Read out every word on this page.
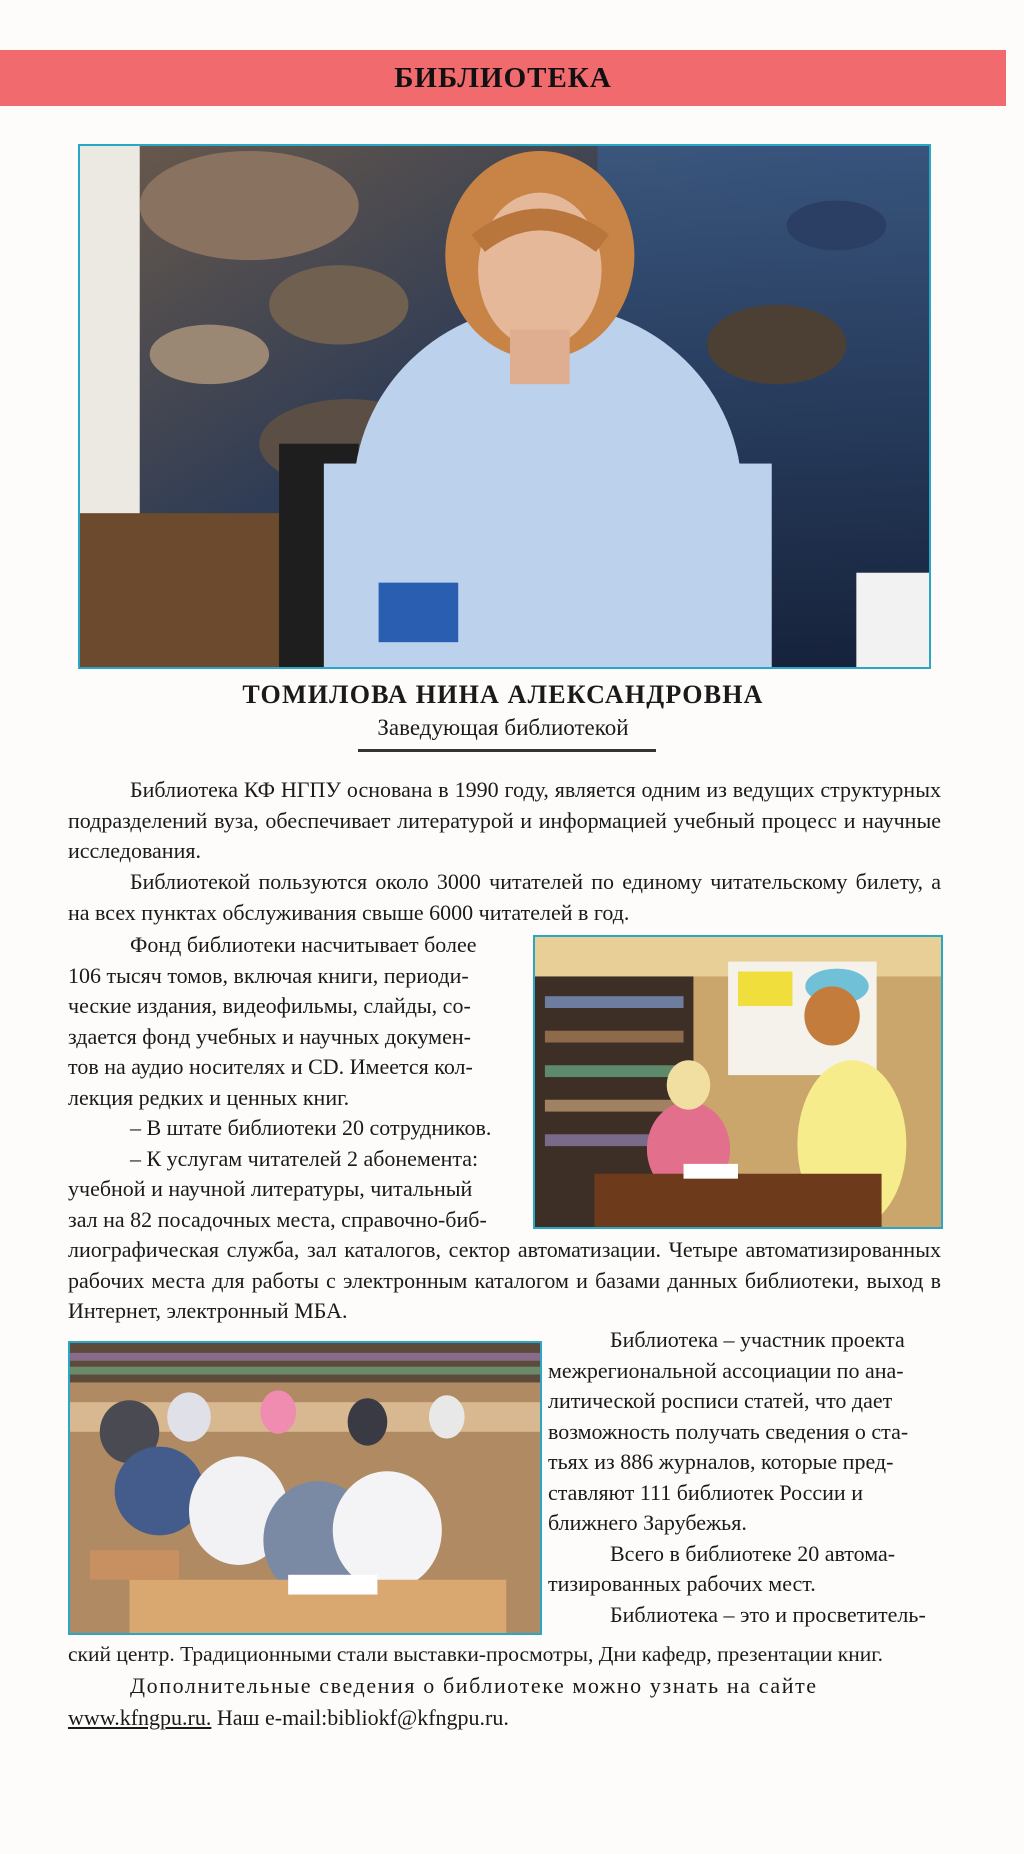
БИБЛИОТЕКА
ТОМИЛОВА НИНА АЛЕКСАНДРОВНА
Заведующая библиотекой

Библиотека КФ НГПУ основана в 1990 году, является одним из ведущих структурных подразделений вуза, обеспечивает литературой и информацией учебный процесс и научные исследования.

Библиотекой пользуются около 3000 читателей по единому читательскому билету, а на всех пунктах обслуживания свыше 6000 читателей в год.

Фонд библиотеки насчитывает более
106 тысяч томов, включая книги, периоди-
ческие издания, видеофильмы, слайды, со-
здается фонд учебных и научных докумен-
тов на аудио носителях и CD. Имеется кол-
лекция редких и ценных книг.
– В штате библиотеки 20 сотрудников.
– К услугам читателей 2 абонемента:
учебной и научной литературы, читальный
зал на 82 посадочных места, справочно-биб-

лиографическая служба, зал каталогов, сектор автоматизации. Четыре автоматизированных рабочих места для работы с электронным каталогом и базами данных библиотеки, выход в Интернет, электронный МБА.

Библиотека – участник проекта
межрегиональной ассоциации по ана-
литической росписи статей, что дает
возможность получать сведения о ста-
тьях из 886 журналов, которые пред-
ставляют 111 библиотек России и
ближнего Зарубежья.
Всего в библиотеке 20 автома-
тизированных рабочих мест.
Библиотека – это и просветитель-

ский центр. Традиционными стали выставки-просмотры, Дни кафедр, презентации книг.

Дополнительные сведения о библиотеке можно узнать на сайте

www.kfngpu.ru. Наш e-mail:bibliokf@kfngpu.ru.
